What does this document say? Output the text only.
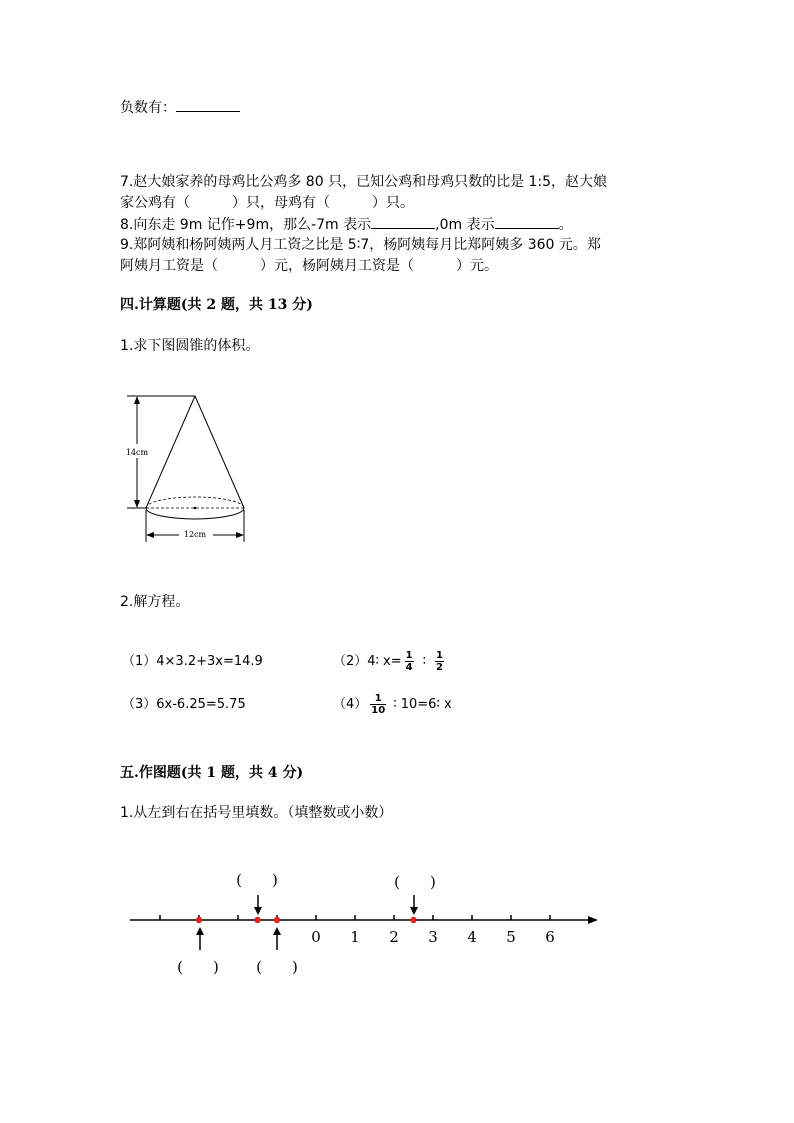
负数有：
7.赵大娘家养的母鸡比公鸡多 80 只，已知公鸡和母鸡只数的比是 1:5，赵大娘
家公鸡有（　　　）只，母鸡有（　　　）只。
8.向东走 9m 记作+9m，那么-7m 表示	,0m 表示	。
9.郑阿姨和杨阿姨两人月工资之比是 5∶7，杨阿姨每月比郑阿姨多 360 元。郑
阿姨月工资是（　　　）元，杨阿姨月工资是（　　　）元。
四.计算题(共 2 题，共 13 分)
1.求下图圆锥的体积。
14cm
12cm
2.解方程。
（1）4×3.2+3x=14.9	（2）4∶ $x= \frac{1}{4}$ ∶ $\frac{1}{2}$
（3）6x-6.25=5.75	$(4) \frac{1}{10}$ ∶ 10=6∶ x
五.作图题(共 1 题，共 4 分)
1.从左到右在括号里填数。（填整数或小数）
0 1 2 3 4 5 6
(　　)	(　　)
(　　) (　　)
